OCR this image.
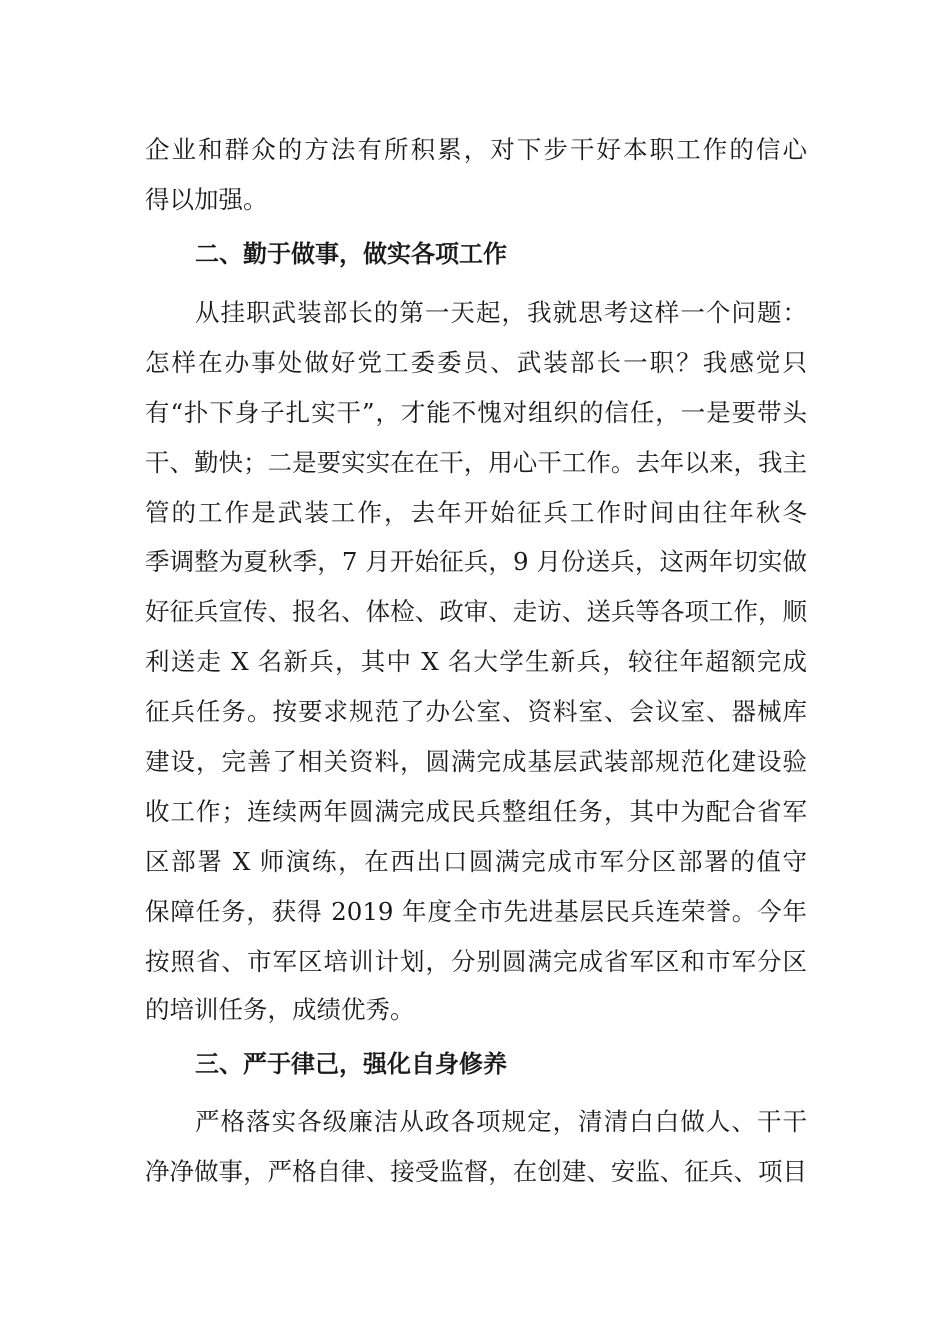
企业和群众的方法有所积累，对下步干好本职工作的信心
得以加强。
二、勤于做事，做实各项工作
从挂职武装部长的第一天起，我就思考这样一个问题：
怎样在办事处做好党工委委员、武装部长一职？我感觉只
有“扑下身子扎实干”，才能不愧对组织的信任，一是要带头
干、勤快；二是要实实在在干，用心干工作。去年以来，我主
管的工作是武装工作，去年开始征兵工作时间由往年秋冬
季调整为夏秋季，7 月开始征兵，9 月份送兵，这两年切实做
好征兵宣传、报名、体检、政审、走访、送兵等各项工作，顺
利送走 X 名新兵，其中 X 名大学生新兵，较往年超额完成
征兵任务。按要求规范了办公室、资料室、会议室、器械库
建设，完善了相关资料，圆满完成基层武装部规范化建设验
收工作；连续两年圆满完成民兵整组任务，其中为配合省军
区部署 X 师演练，在西出口圆满完成市军分区部署的值守
保障任务，获得 2019 年度全市先进基层民兵连荣誉。今年
按照省、市军区培训计划，分别圆满完成省军区和市军分区
的培训任务，成绩优秀。
三、严于律己，强化自身修养
严格落实各级廉洁从政各项规定，清清白白做人、干干
净净做事，严格自律、接受监督，在创建、安监、征兵、项目
